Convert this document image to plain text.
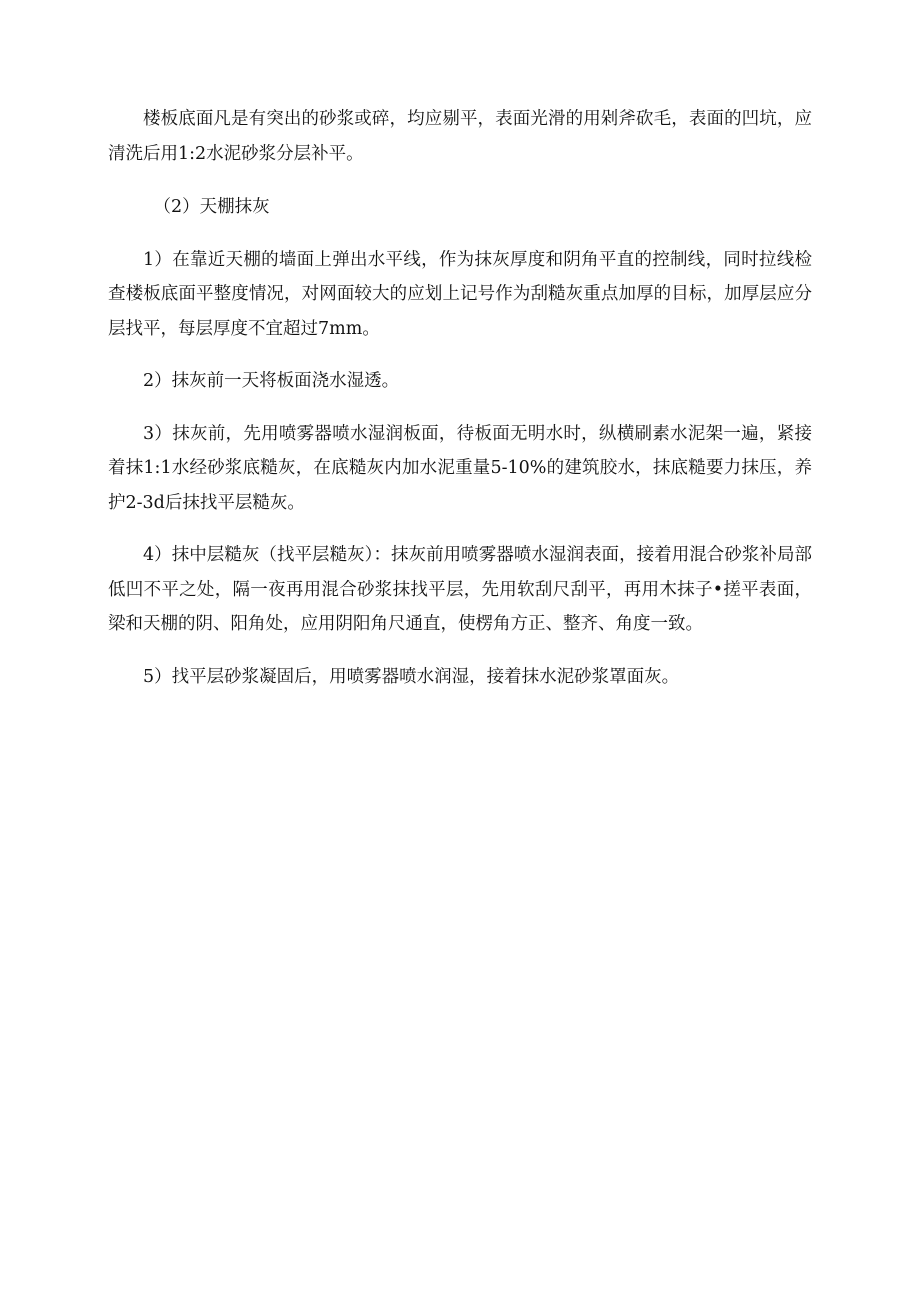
楼板底面凡是有突出的砂浆或碎，均应剔平，表面光滑的用剁斧砍毛，表面的凹坑，应清洗后用1:2水泥砂浆分层补平。

（2）天棚抹灰

1）在靠近天棚的墙面上弹出水平线，作为抹灰厚度和阴角平直的控制线，同时拉线检查楼板底面平整度情况，对网面较大的应划上记号作为刮糙灰重点加厚的目标，加厚层应分层找平，每层厚度不宜超过7mm。

2）抹灰前一天将板面浇水湿透。

3）抹灰前，先用喷雾器喷水湿润板面，待板面无明水时，纵横刷素水泥架一遍，紧接着抹1:1水经砂浆底糙灰，在底糙灰内加水泥重量5-10%的建筑胶水，抹底糙要力抹压，养护2-3d后抹找平层糙灰。

4）抹中层糙灰（找平层糙灰）：抹灰前用喷雾器喷水湿润表面，接着用混合砂浆补局部低凹不平之处，隔一夜再用混合砂浆抹找平层，先用软刮尺刮平，再用木抹子•搓平表面，梁和天棚的阴、阳角处，应用阴阳角尺通直，使楞角方正、整齐、角度一致。

5）找平层砂浆凝固后，用喷雾器喷水润湿，接着抹水泥砂浆罩面灰。
